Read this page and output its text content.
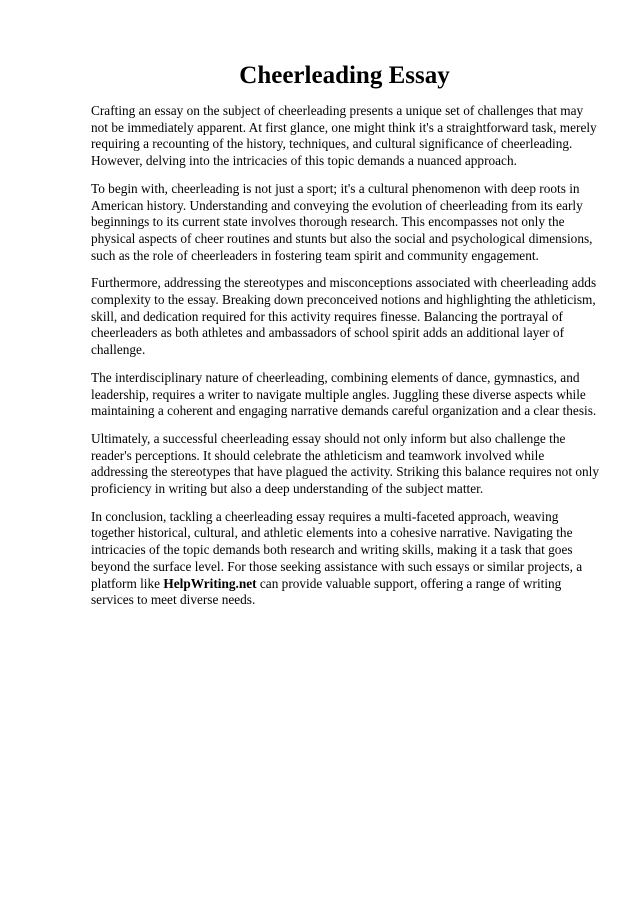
Cheerleading Essay

Crafting an essay on the subject of cheerleading presents a unique set of challenges that may not be immediately apparent. At first glance, one might think it's a straightforward task, merely requiring a recounting of the history, techniques, and cultural significance of cheerleading. However, delving into the intricacies of this topic demands a nuanced approach.

To begin with, cheerleading is not just a sport; it's a cultural phenomenon with deep roots in American history. Understanding and conveying the evolution of cheerleading from its early beginnings to its current state involves thorough research. This encompasses not only the physical aspects of cheer routines and stunts but also the social and psychological dimensions, such as the role of cheerleaders in fostering team spirit and community engagement.

Furthermore, addressing the stereotypes and misconceptions associated with cheerleading adds complexity to the essay. Breaking down preconceived notions and highlighting the athleticism, skill, and dedication required for this activity requires finesse. Balancing the portrayal of cheerleaders as both athletes and ambassadors of school spirit adds an additional layer of challenge.

The interdisciplinary nature of cheerleading, combining elements of dance, gymnastics, and leadership, requires a writer to navigate multiple angles. Juggling these diverse aspects while maintaining a coherent and engaging narrative demands careful organization and a clear thesis.

Ultimately, a successful cheerleading essay should not only inform but also challenge the reader's perceptions. It should celebrate the athleticism and teamwork involved while addressing the stereotypes that have plagued the activity. Striking this balance requires not only proficiency in writing but also a deep understanding of the subject matter.

In conclusion, tackling a cheerleading essay requires a multi-faceted approach, weaving together historical, cultural, and athletic elements into a cohesive narrative. Navigating the intricacies of the topic demands both research and writing skills, making it a task that goes beyond the surface level. For those seeking assistance with such essays or similar projects, a platform like HelpWriting.net can provide valuable support, offering a range of writing services to meet diverse needs.
